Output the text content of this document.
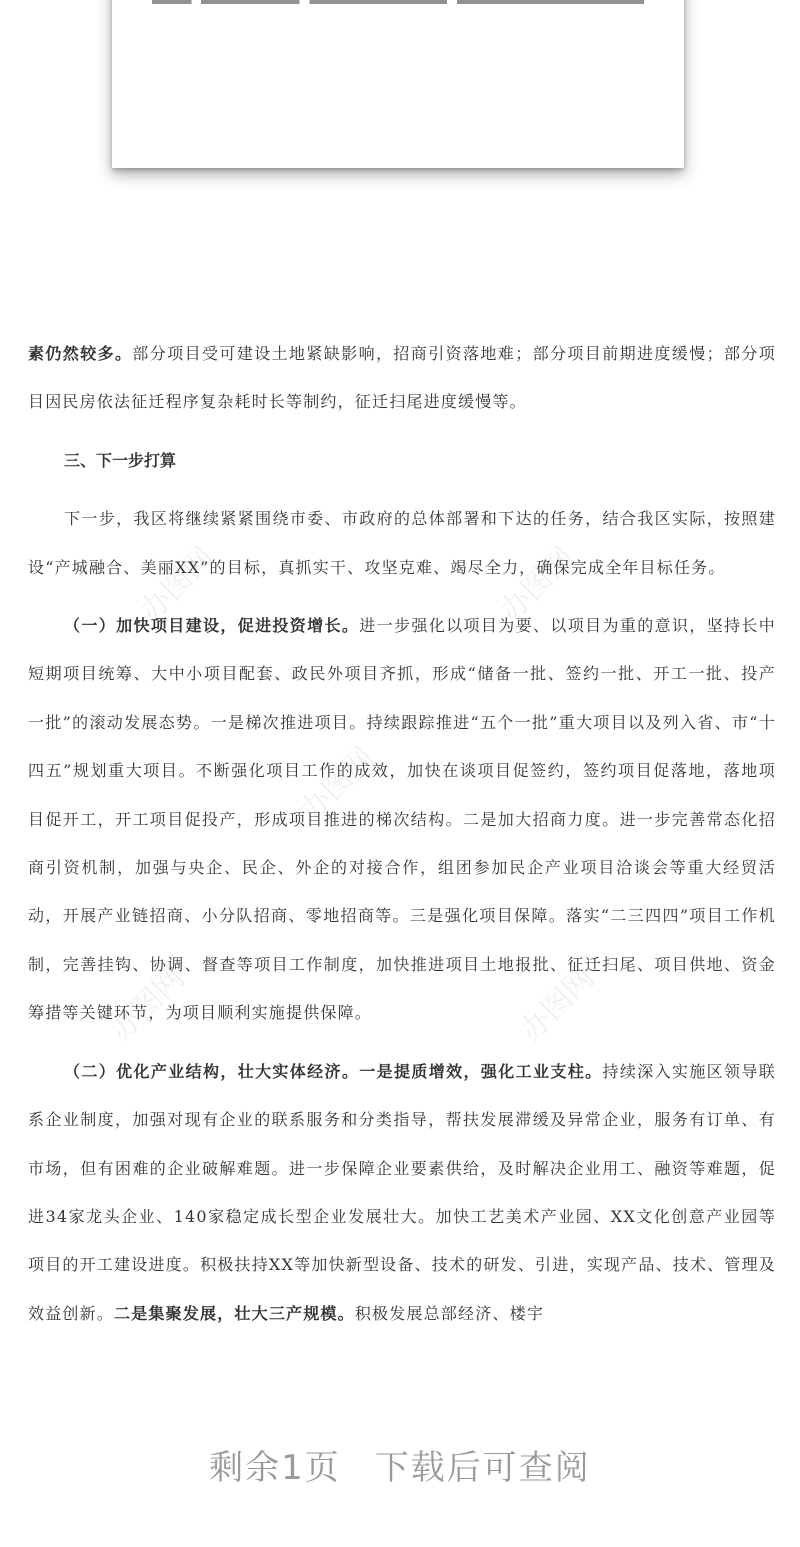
办图网	办图网
办图网
办图网	办图网

素仍然较多。部分项目受可建设土地紧缺影响，招商引资落地难；部分项目前期进度缓慢；部分项目因民房依法征迁程序复杂耗时长等制约，征迁扫尾进度缓慢等。

三、下一步打算

下一步，我区将继续紧紧围绕市委、市政府的总体部署和下达的任务，结合我区实际，按照建设“产城融合、美丽XX”的目标，真抓实干、攻坚克难、竭尽全力，确保完成全年目标任务。

（一）加快项目建设，促进投资增长。进一步强化以项目为要、以项目为重的意识，坚持长中短期项目统筹、大中小项目配套、政民外项目齐抓，形成“储备一批、签约一批、开工一批、投产一批”的滚动发展态势。一是梯次推进项目。持续跟踪推进“五个一批”重大项目以及列入省、市“十四五”规划重大项目。不断强化项目工作的成效，加快在谈项目促签约，签约项目促落地，落地项目促开工，开工项目促投产，形成项目推进的梯次结构。二是加大招商力度。进一步完善常态化招商引资机制，加强与央企、民企、外企的对接合作，组团参加民企产业项目洽谈会等重大经贸活动，开展产业链招商、小分队招商、零地招商等。三是强化项目保障。落实“二三四四”项目工作机制，完善挂钩、协调、督查等项目工作制度，加快推进项目土地报批、征迁扫尾、项目供地、资金筹措等关键环节，为项目顺利实施提供保障。

（二）优化产业结构，壮大实体经济。一是提质增效，强化工业支柱。持续深入实施区领导联系企业制度，加强对现有企业的联系服务和分类指导，帮扶发展滞缓及异常企业，服务有订单、有市场，但有困难的企业破解难题。进一步保障企业要素供给，及时解决企业用工、融资等难题，促进34家龙头企业、140家稳定成长型企业发展壮大。加快工艺美术产业园、XX文化创意产业园等项目的开工建设进度。积极扶持XX等加快新型设备、技术的研发、引进，实现产品、技术、管理及效益创新。二是集聚发展，壮大三产规模。积极发展总部经济、楼宇

剩余1页 下载后可查阅
